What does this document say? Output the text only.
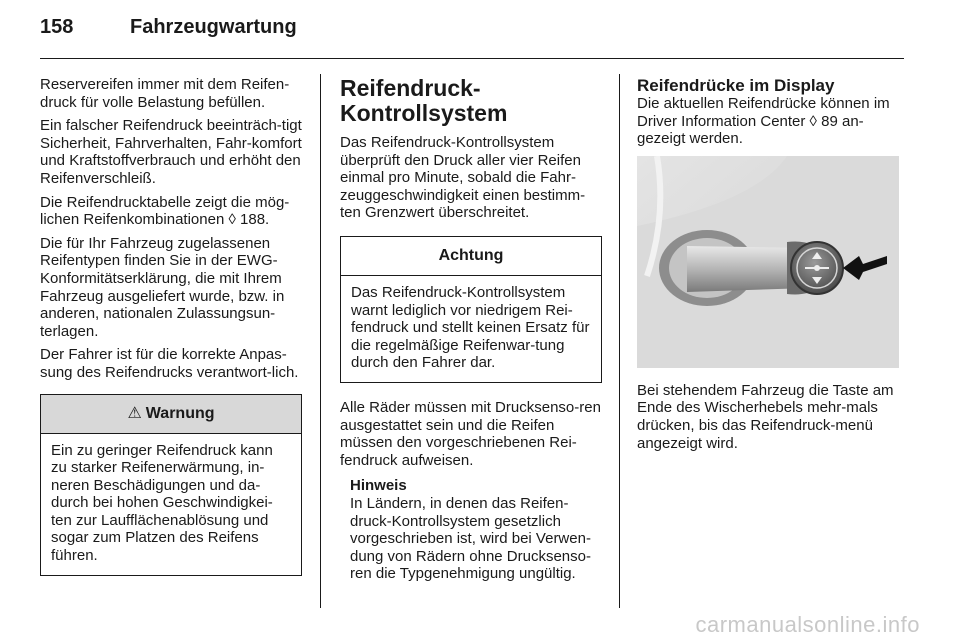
158	Fahrzeugwartung

Reservereifen immer mit dem Reifen-druck für volle Belastung befüllen.

Ein falscher Reifendruck beeinträch-tigt Sicherheit, Fahrverhalten, Fahr-komfort und Kraftstoffverbrauch und erhöht den Reifenverschleiß.

Die Reifendrucktabelle zeigt die mög-lichen Reifenkombinationen ◊ 188.

Die für Ihr Fahrzeug zugelassenen Reifentypen finden Sie in der EWG-Konformitätserklärung, die mit Ihrem Fahrzeug ausgeliefert wurde, bzw. in anderen, nationalen Zulassungsun-terlagen.

Der Fahrer ist für die korrekte Anpas-sung des Reifendrucks verantwort-lich.

⚠ Warnung
Ein zu geringer Reifendruck kann zu starker Reifenerwärmung, in-neren Beschädigungen und da-durch bei hohen Geschwindigkei-ten zur Laufflächenablösung und sogar zum Platzen des Reifens führen.
Reifendruck-Kontrollsystem

Das Reifendruck-Kontrollsystem überprüft den Druck aller vier Reifen einmal pro Minute, sobald die Fahr-zeuggeschwindigkeit einen bestimm-ten Grenzwert überschreitet.

Achtung
Das Reifendruck-Kontrollsystem warnt lediglich vor niedrigem Rei-fendruck und stellt keinen Ersatz für die regelmäßige Reifenwar-tung durch den Fahrer dar.

Alle Räder müssen mit Drucksenso-ren ausgestattet sein und die Reifen müssen den vorgeschriebenen Rei-fendruck aufweisen.

Hinweis
In Ländern, in denen das Reifen-druck-Kontrollsystem gesetzlich vorgeschrieben ist, wird bei Verwen-dung von Rädern ohne Drucksenso-ren die Typgenehmigung ungültig.
Reifendrücke im Display

Die aktuellen Reifendrücke können im Driver Information Center ◊ 89 an-gezeigt werden.

Bei stehendem Fahrzeug die Taste am Ende des Wischerhebels mehr-mals drücken, bis das Reifendruck-menü angezeigt wird.

carmanualsonline.info
